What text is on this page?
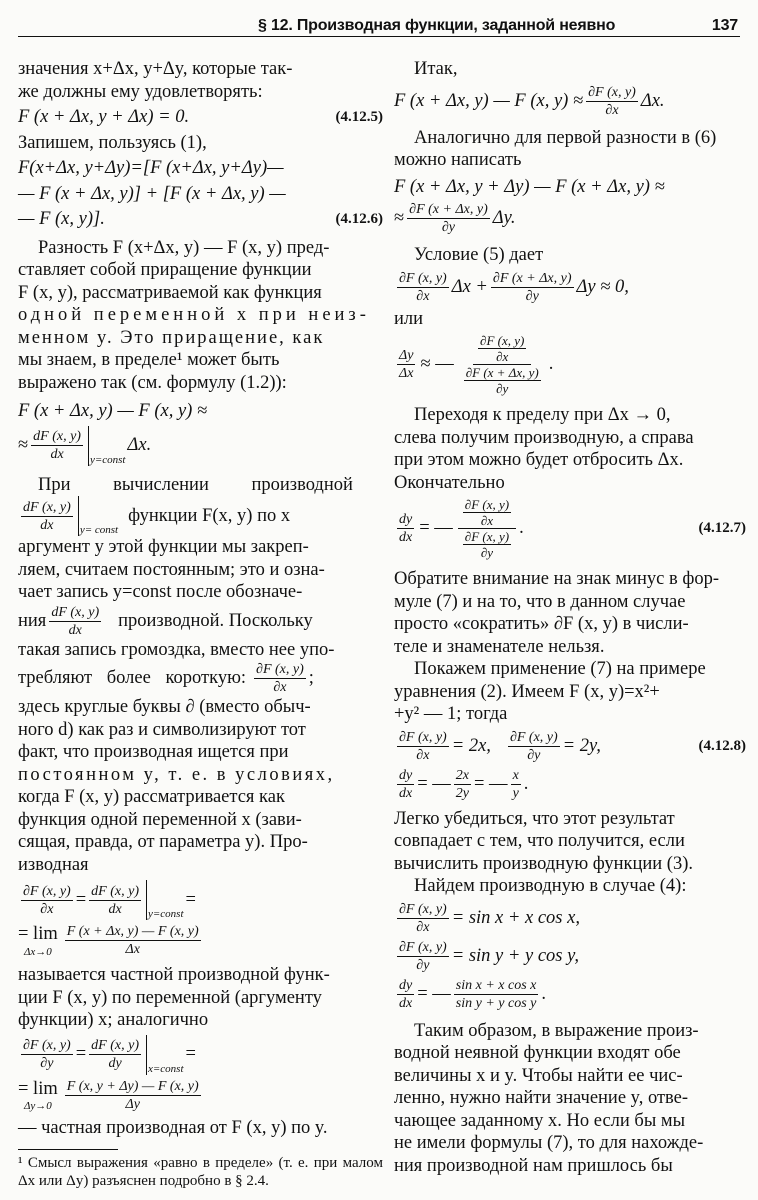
§ 12. Производная функции, заданной неявно	137

значения x+Δx, y+Δy, которые так-

же должны ему удовлетворять:

F (x + Δx, y + Δx) = 0.	(4.12.5)

Запишем, пользуясь (1),

F(x+Δx, y+Δy)=[F (x+Δx, y+Δy)—
— F (x + Δx, y)] + [F (x + Δx, y) —
— F (x, y)].	(4.12.6)

Разность F (x+Δx, y) — F (x, y) пред-

ставляет собой приращение функции

F (x, y), рассматриваемой как функция

одной переменной x при неиз-

менном y. Это приращение, как

мы знаем, в пределе¹ может быть

выражено так (см. формулу (1.2)):

F (x + Δx, y) — F (x, y) ≈
≈ $\frac{dF (x, y)}{dx}$ y=const
Δx.

При вычислении производной

$\frac{dF (x, y)}{dx} y=$ const
функции F(x, y) по x

аргумент y этой функции мы закреп-

ляем, считаем постоянным; это и озна-

чает запись y=const после обозначе-

ния $\frac{dF (x, y)}{dx}$ производной. Поскольку

такая запись громоздка, вместо нее упо-

требляют более короткую: $\frac{\partial F (x, y)}{\partial x}$ ;

здесь круглые буквы ∂ (вместо обыч-

ного d) как раз и символизируют тот

факт, что производная ищется при

постоянном y, т. е. в условиях,

когда F (x, y) рассматривается как

функция одной переменной x (зави-

сящая, правда, от параметра y). Про-

изводная

$\frac{\partial F (x, y)}{\partial x} = \frac{dF (x, y)}{dx}$ y=const
=
= lim
$\Delta x\to 0 \frac{F (x + \Delta x, y) — F (x, y)}{\Delta x}$

называется частной производной функ-

ции F (x, y) по переменной (аргументу

функции) x; аналогично

$\frac{\partial F (x, y)}{\partial y} = \frac{dF (x, y)}{dy}$ x=const
=
= lim
$\Delta y\to 0 \frac{F (x, y + \Delta y) — F (x, y)}{\Delta y}$

— частная производная от F (x, y) по y.

¹ Смысл выражения «равно в пределе» (т. е. при малом Δx или Δy) разъяснен подробно в § 2.4.

Итак,

F (x + Δx, y) — F (x, $y) \approx \frac{\partial F (x, y)}{\partial x} \Delta x$.

Аналогично для первой разности в (6)

можно написать

F (x + Δx, y + Δy) — F (x + Δx, y) ≈
≈ $\frac{\partial F (x + \Delta x, y)}{\partial y} \Delta y$.

Условие (5) дает

$\frac{\partial F (x, y)}{\partial x}$ $\Delta x + \frac{\partial F (x + \Delta x, y)}{\partial y}$ Δy ≈ 0,

или

$\frac{\Delta y}{\Delta x}$ ≈ — $\frac{\frac{\partial F (x, y)}{\partial x}}{\frac{\partial F (x + \Delta x, y)}{\partial y}}$ .

Переходя к пределу при Δx → 0,

слева получим производную, а справа

при этом можно будет отбросить Δx.

Окончательно

$\frac{dy}{dx}$ = — $\frac{\frac{\partial F (x, y)}{\partial x}}{\frac{\partial F (x, y)}{\partial y}}$ .	(4.12.7)

Обратите внимание на знак минус в фор-

муле (7) и на то, что в данном случае

просто «сократить» ∂F (x, y) в числи-

теле и знаменателе нельзя.

Покажем применение (7) на примере

уравнения (2). Имеем F (x, y)=x²+

+y² — 1; тогда

$\frac{\partial F (x, y)}{\partial x} = 2x$, $\frac{\partial F (x, y)}{\partial y} = 2y$,	(4.12.8)
$\frac{dy}{dx}$ = — $\frac{2x}{2y}$ = — $\frac{x}{y}$ .

Легко убедиться, что этот результат

совпадает с тем, что получится, если

вычислить производную функции (3).

Найдем производную в случае (4):

$\frac{\partial F (x, y)}{\partial x} = \sin x + x$ cos x,
$\frac{\partial F (x, y)}{\partial y} = \sin y + y$ cos y,
$\frac{dy}{dx}$ = — $\frac{\text{sin x + x cos x}}{\text{sin y + y cos y}}$ .

Таким образом, в выражение произ-

водной неявной функции входят обе

величины x и y. Чтобы найти ее чис-

ленно, нужно найти значение y, отве-

чающее заданному x. Но если бы мы

не имели формулы (7), то для нахожде-

ния производной нам пришлось бы
